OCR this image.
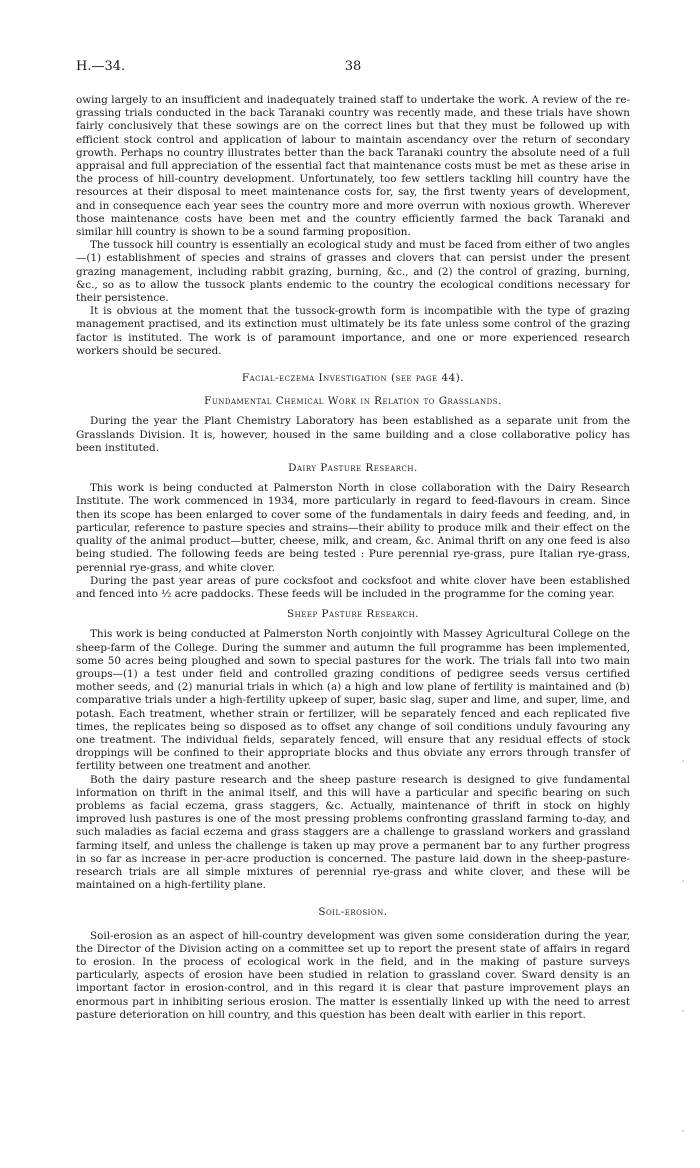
H.—34.	38

owing largely to an insufficient and inadequately trained staff to undertake the work. A review of the re-grassing trials conducted in the back Taranaki country was recently made, and these trials have shown fairly conclusively that these sowings are on the correct lines but that they must be followed up with efficient stock control and application of labour to maintain ascendancy over the return of secondary growth. Perhaps no country illustrates better than the back Taranaki country the absolute need of a full appraisal and full appreciation of the essential fact that maintenance costs must be met as these arise in the process of hill-country development. Unfortunately, too few settlers tackling hill country have the resources at their disposal to meet maintenance costs for, say, the first twenty years of development, and in consequence each year sees the country more and more overrun with noxious growth. Wherever those maintenance costs have been met and the country efficiently farmed the back Taranaki and similar hill country is shown to be a sound farming proposition.

The tussock hill country is essentially an ecological study and must be faced from either of two angles—(1) establishment of species and strains of grasses and clovers that can persist under the present grazing management, including rabbit grazing, burning, &c., and (2) the control of grazing, burning, &c., so as to allow the tussock plants endemic to the country the ecological conditions necessary for their persistence.

It is obvious at the moment that the tussock-growth form is incompatible with the type of grazing management practised, and its extinction must ultimately be its fate unless some control of the grazing factor is instituted. The work is of paramount importance, and one or more experienced research workers should be secured.

Facial-eczema Investigation (see page 44).
Fundamental Chemical Work in Relation to Grasslands.

During the year the Plant Chemistry Laboratory has been established as a separate unit from the Grasslands Division. It is, however, housed in the same building and a close collaborative policy has been instituted.

Dairy Pasture Research.

This work is being conducted at Palmerston North in close collaboration with the Dairy Research Institute. The work commenced in 1934, more particularly in regard to feed-flavours in cream. Since then its scope has been enlarged to cover some of the fundamentals in dairy feeds and feeding, and, in particular, reference to pasture species and strains—their ability to produce milk and their effect on the quality of the animal product—butter, cheese, milk, and cream, &c. Animal thrift on any one feed is also being studied. The following feeds are being tested : Pure perennial rye-grass, pure Italian rye-grass, perennial rye-grass, and white clover.

During the past year areas of pure cocksfoot and cocksfoot and white clover have been established and fenced into ½ acre paddocks. These feeds will be included in the programme for the coming year.

Sheep Pasture Research.

This work is being conducted at Palmerston North conjointly with Massey Agricultural College on the sheep-farm of the College. During the summer and autumn the full programme has been implemented, some 50 acres being ploughed and sown to special pastures for the work. The trials fall into two main groups—(1) a test under field and controlled grazing conditions of pedigree seeds versus certified mother seeds, and (2) manurial trials in which (a) a high and low plane of fertility is maintained and (b) comparative trials under a high-fertility upkeep of super, basic slag, super and lime, and super, lime, and potash. Each treatment, whether strain or fertilizer, will be separately fenced and each replicated five times, the replicates being so disposed as to offset any change of soil conditions unduly favouring any one treatment. The individual fields, separately fenced, will ensure that any residual effects of stock droppings will be confined to their appropriate blocks and thus obviate any errors through transfer of fertility between one treatment and another.

Both the dairy pasture research and the sheep pasture research is designed to give fundamental information on thrift in the animal itself, and this will have a particular and specific bearing on such problems as facial eczema, grass staggers, &c. Actually, maintenance of thrift in stock on highly improved lush pastures is one of the most pressing problems confronting grassland farming to-day, and such maladies as facial eczema and grass staggers are a challenge to grassland workers and grassland farming itself, and unless the challenge is taken up may prove a permanent bar to any further progress in so far as increase in per-acre production is concerned. The pasture laid down in the sheep-pasture-research trials are all simple mixtures of perennial rye-grass and white clover, and these will be maintained on a high-fertility plane.

Soil-erosion.

Soil-erosion as an aspect of hill-country development was given some consideration during the year, the Director of the Division acting on a committee set up to report the present state of affairs in regard to erosion. In the process of ecological work in the field, and in the making of pasture surveys particularly, aspects of erosion have been studied in relation to grassland cover. Sward density is an important factor in erosion-control, and in this regard it is clear that pasture improvement plays an enormous part in inhibiting serious erosion. The matter is essentially linked up with the need to arrest pasture deterioration on hill country, and this question has been dealt with earlier in this report.
